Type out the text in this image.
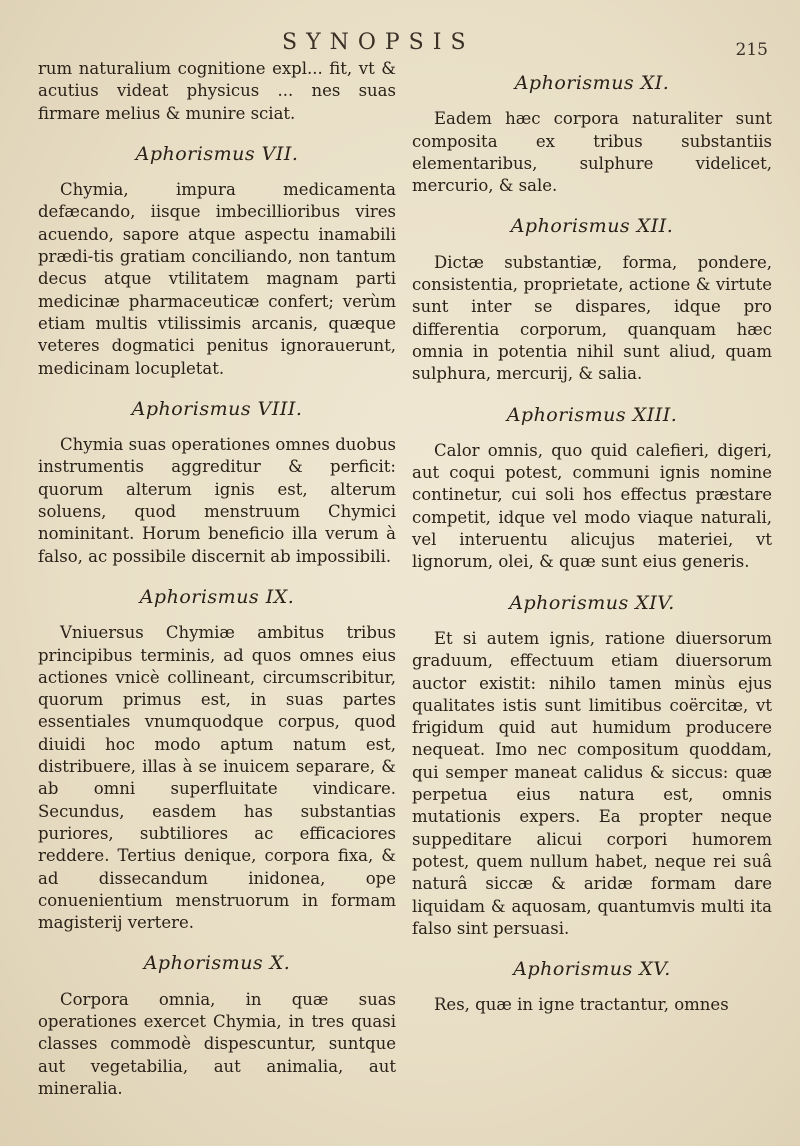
SYNOPSIS	215

rum naturalium cognitione expl... fit, vt & acutius videat physicus ... nes suas firmare melius & munire sciat.

Aphorismus VII.

Chymia, impura medicamenta defæcando, iisque imbecillioribus vires acuendo, sapore atque aspectu inamabili prædi-tis gratiam conciliando, non tantum decus atque vtilitatem magnam parti medicinæ pharmaceuticæ confert; verùm etiam multis vtilissimis arcanis, quæque veteres dogmatici penitus ignorauerunt, medicinam locupletat.

Aphorismus VIII.

Chymia suas operationes omnes duobus instrumentis aggreditur & perficit: quorum alterum ignis est, alterum soluens, quod menstruum Chymici nominitant. Horum beneficio illa verum à falso, ac possibile discernit ab impossibili.

Aphorismus IX.

Vniuersus Chymiæ ambitus tribus principibus terminis, ad quos omnes eius actiones vnicè collineant, circumscribitur, quorum primus est, in suas partes essentiales vnumquodque corpus, quod diuidi hoc modo aptum natum est, distribuere, illas à se inuicem separare, & ab omni superfluitate vindicare. Secundus, easdem has substantias puriores, subtiliores ac efficaciores reddere. Tertius denique, corpora fixa, & ad dissecandum inidonea, ope conuenientium menstruorum in formam magisterij vertere.

Aphorismus X.

Corpora omnia, in quæ suas operationes exercet Chymia, in tres quasi classes commodè dispescuntur, suntque aut vegetabilia, aut animalia, aut mineralia.

Aphorismus XI.

Eadem hæc corpora naturaliter sunt composita ex tribus substantiis elementaribus, sulphure videlicet, mercurio, & sale.

Aphorismus XII.

Dictæ substantiæ, forma, pondere, consistentia, proprietate, actione & virtute sunt inter se dispares, idque pro differentia corporum, quanquam hæc omnia in potentia nihil sunt aliud, quam sulphura, mercurij, & salia.

Aphorismus XIII.

Calor omnis, quo quid calefieri, digeri, aut coqui potest, communi ignis nomine continetur, cui soli hos effectus præstare competit, idque vel modo viaque naturali, vel interuentu alicujus materiei, vt lignorum, olei, & quæ sunt eius generis.

Aphorismus XIV.

Et si autem ignis, ratione diuersorum graduum, effectuum etiam diuersorum auctor existit: nihilo tamen minùs ejus qualitates istis sunt limitibus coërcitæ, vt frigidum quid aut humidum producere nequeat. Imo nec compositum quoddam, qui semper maneat calidus & siccus: quæ perpetua eius natura est, omnis mutationis expers. Ea propter neque suppeditare alicui corpori humorem potest, quem nullum habet, neque rei suâ naturâ siccæ & aridæ formam dare liquidam & aquosam, quantumvis multi ita falso sint persuasi.

Aphorismus XV.

Res, quæ in igne tractantur, omnes
